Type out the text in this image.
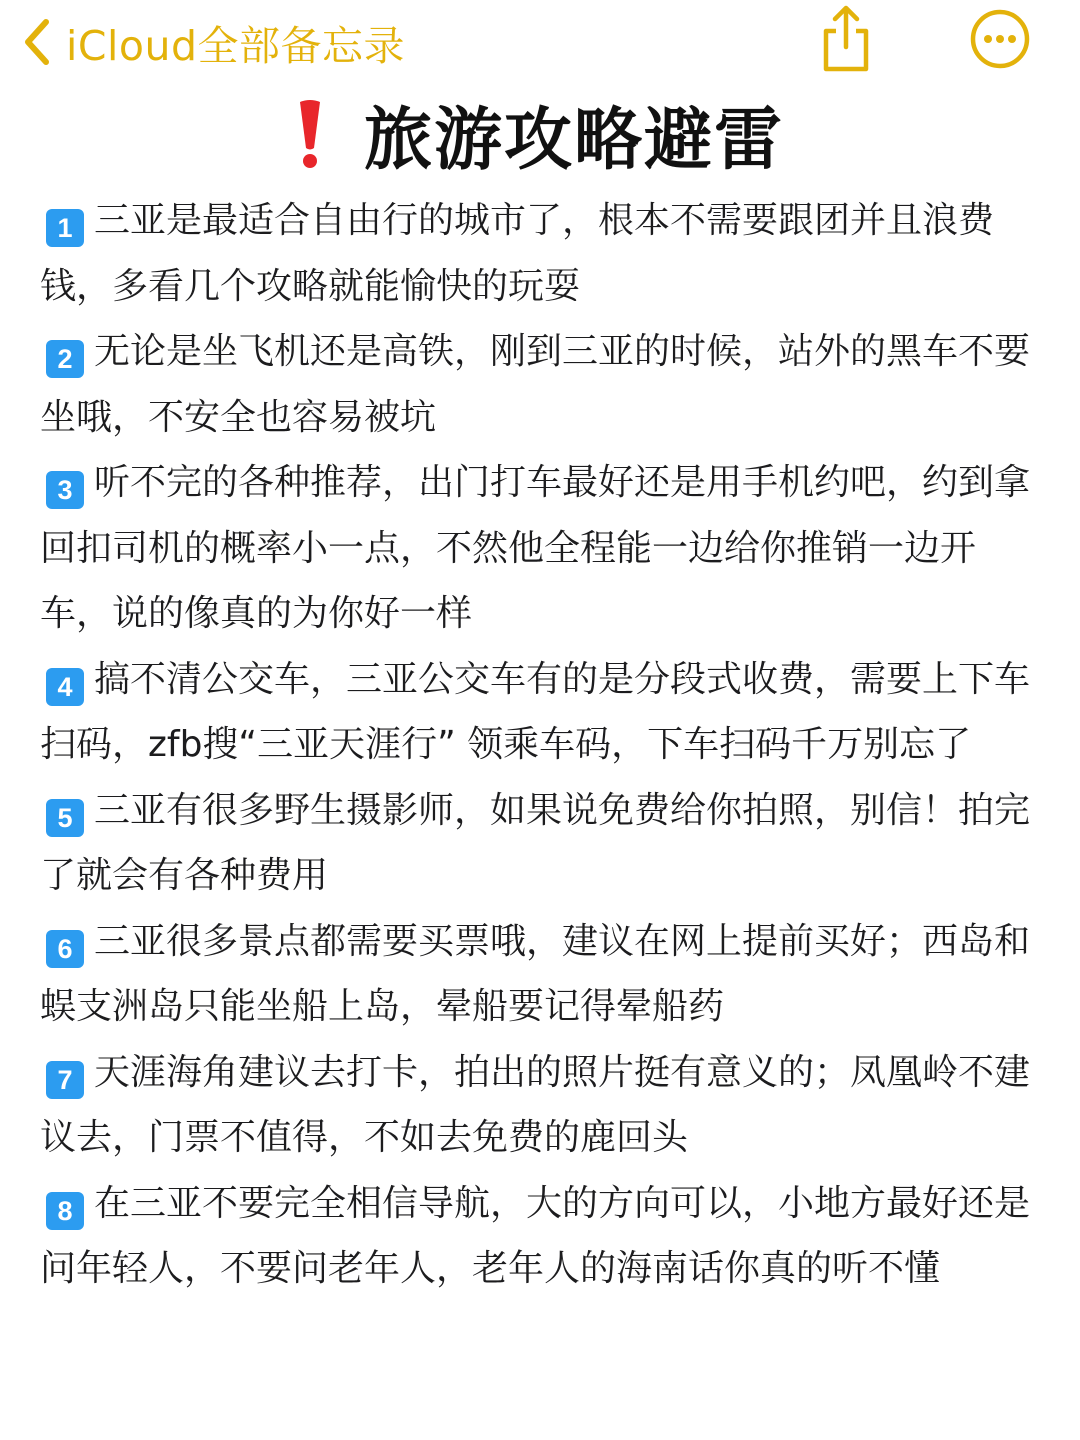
iCloud全部备忘录
旅游攻略避雷

1 三亚是最适合自由行的城市了，根本不需要跟团并且浪费钱，多看几个攻略就能愉快的玩耍

2 无论是坐飞机还是高铁，刚到三亚的时候，站外的黑车不要坐哦，不安全也容易被坑

3 听不完的各种推荐，出门打车最好还是用手机约吧，约到拿回扣司机的概率小一点，不然他全程能一边给你推销一边开车，说的像真的为你好一样

4 搞不清公交车，三亚公交车有的是分段式收费，需要上下车扫码，zfb搜“三亚天涯行” 领乘车码，下车扫码千万别忘了

5 三亚有很多野生摄影师，如果说免费给你拍照，别信！拍完了就会有各种费用

6 三亚很多景点都需要买票哦，建议在网上提前买好；西岛和蜈支洲岛只能坐船上岛，晕船要记得晕船药

7 天涯海角建议去打卡，拍出的照片挺有意义的；凤凰岭不建议去，门票不值得，不如去免费的鹿回头

8 在三亚不要完全相信导航，大的方向可以，小地方最好还是问年轻人，不要问老年人，老年人的海南话你真的听不懂
